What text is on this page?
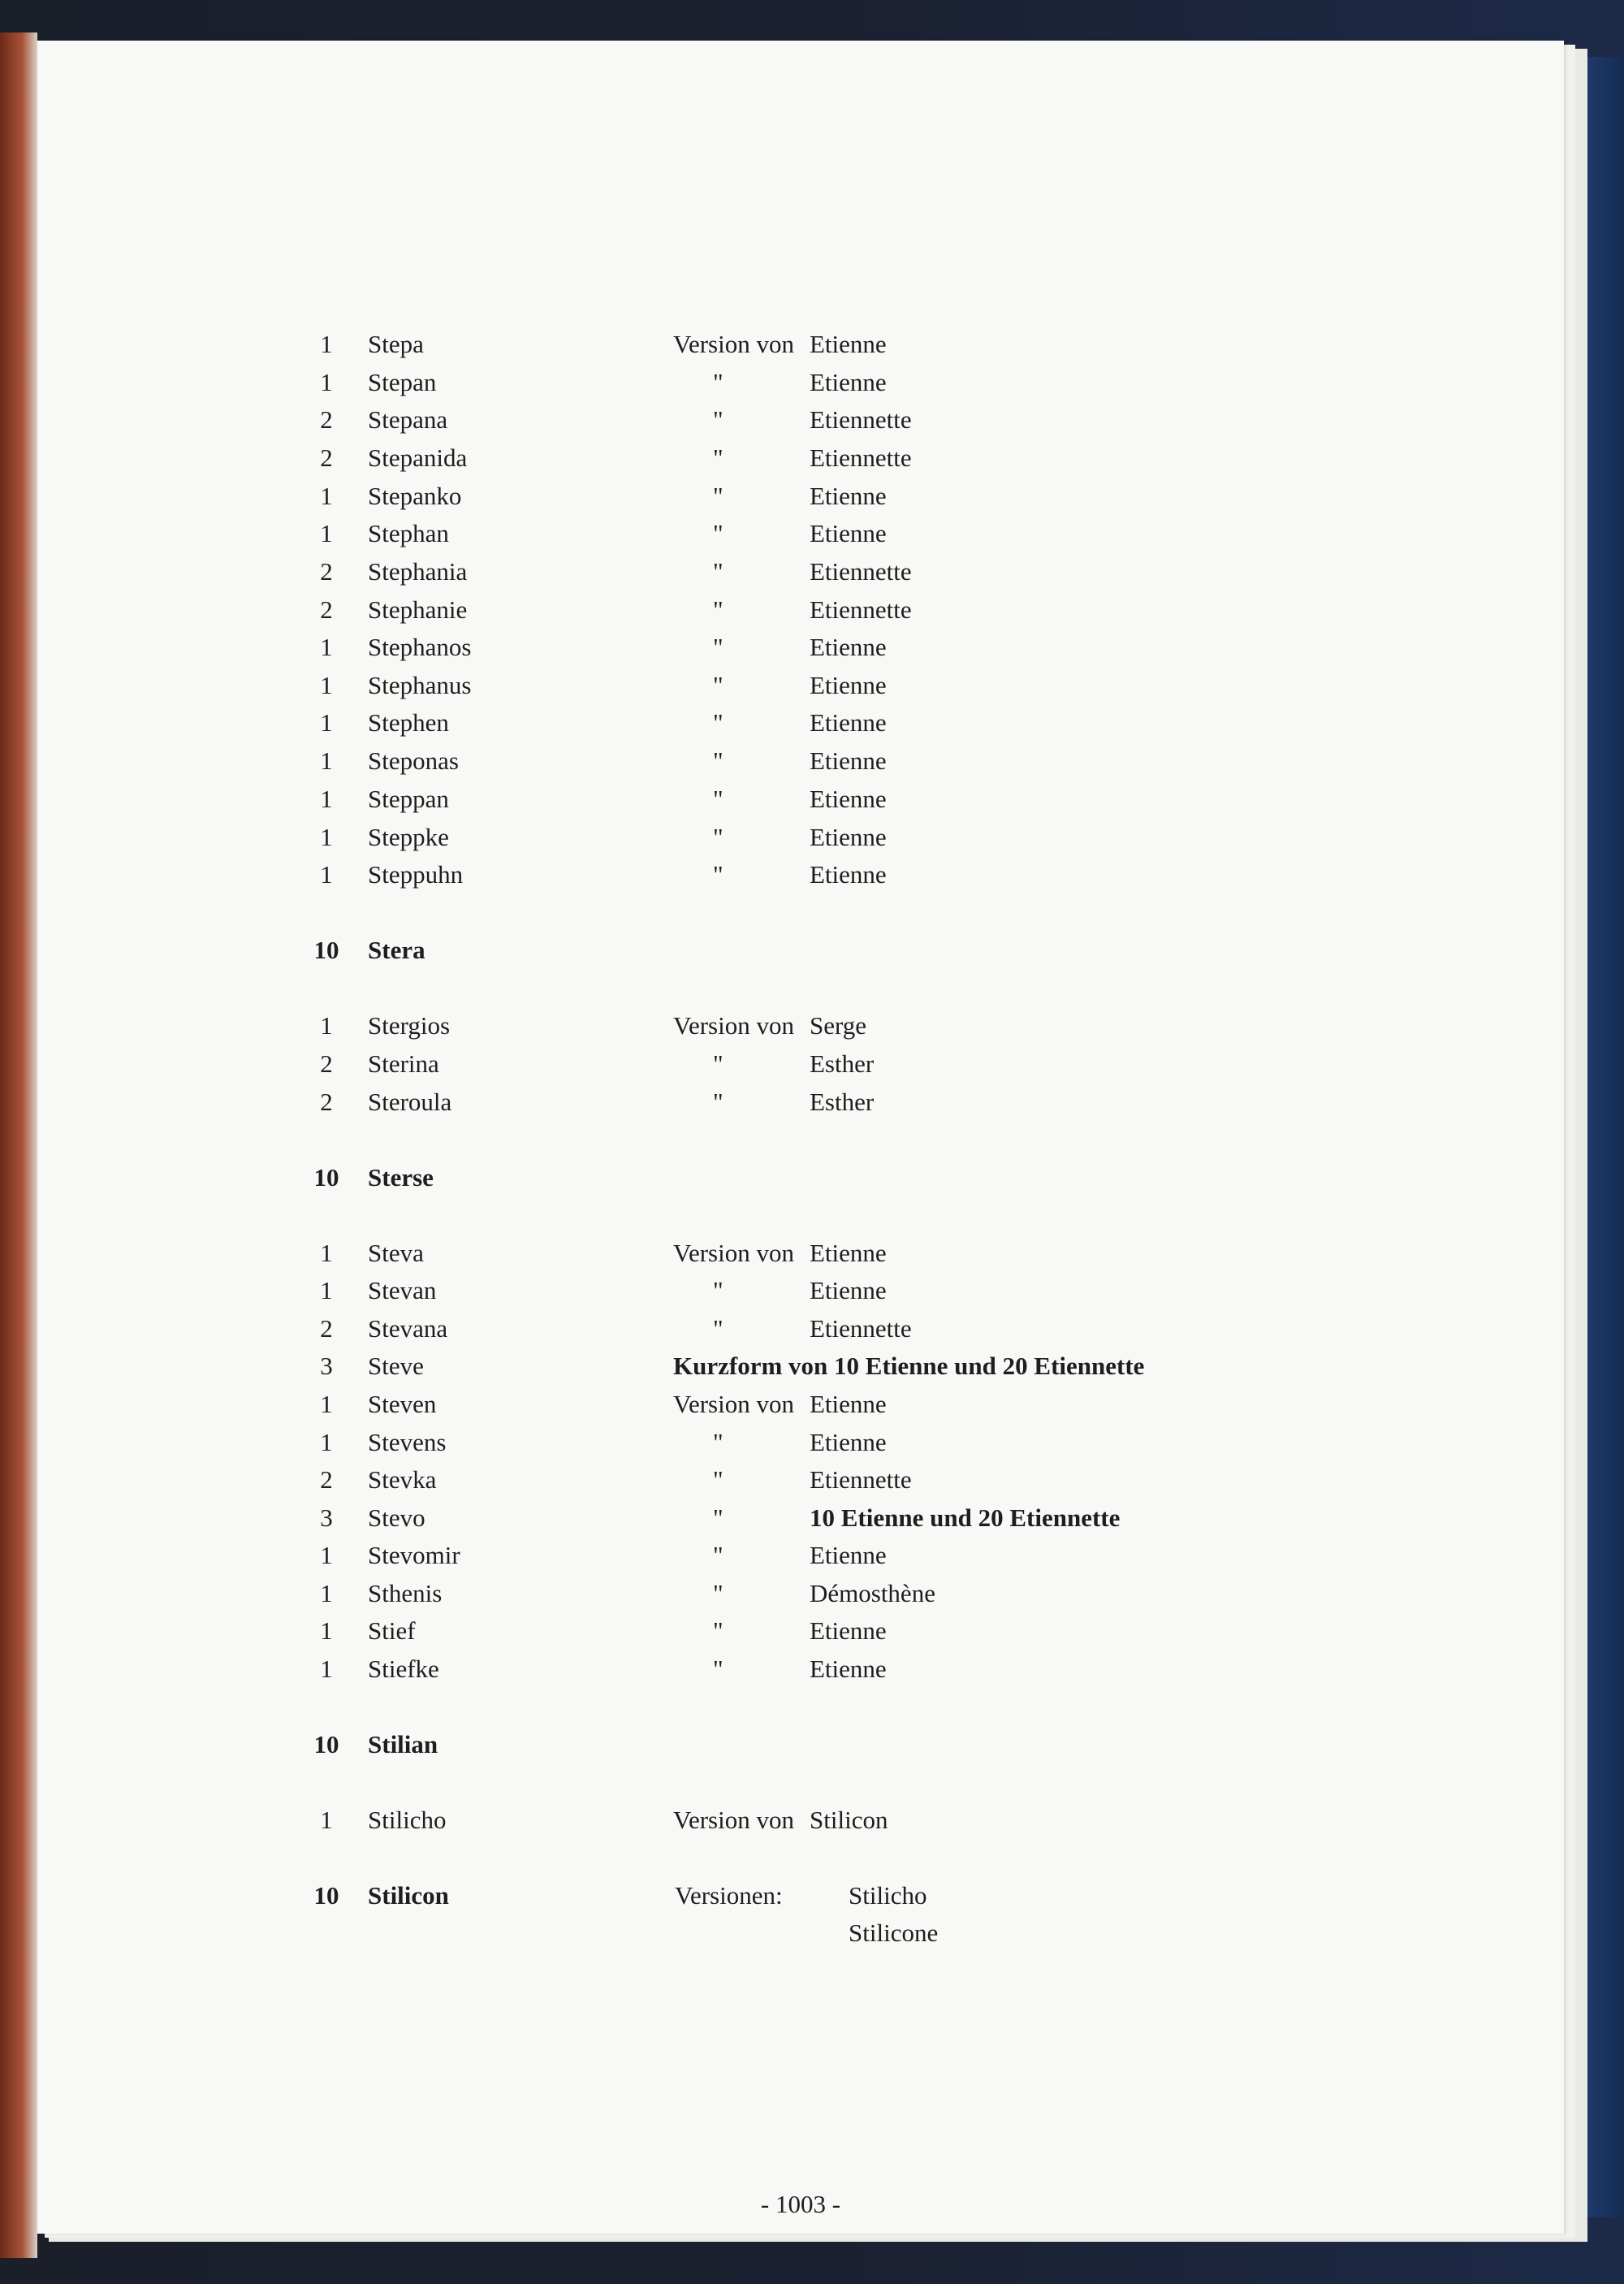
1	Stepa	Version von Etienne
1	Stepan	"	Etienne
2	Stepana	"	Etiennette
2	Stepanida	"	Etiennette
1	Stepanko	"	Etienne
1	Stephan	"	Etienne
2	Stephania	"	Etiennette
2	Stephanie	"	Etiennette
1	Stephanos	"	Etienne
1	Stephanus	"	Etienne
1	Stephen	"	Etienne
1	Steponas	"	Etienne
1	Steppan	"	Etienne
1	Steppke	"	Etienne
1	Steppuhn	"	Etienne
10	Stera
1	Stergios	Version von Serge
2	Sterina	"	Esther
2	Steroula	"	Esther
10	Sterse
1	Steva	Version von Etienne
1	Stevan	"	Etienne
2	Stevana	"	Etiennette
3	Steve	Kurzform von 10 Etienne und 20 Etiennette
1	Steven	Version von Etienne
1	Stevens	"	Etienne
2	Stevka	"	Etiennette
3	Stevo	"	10 Etienne und 20 Etiennette
1	Stevomir	"	Etienne
1	Sthenis	"	Démosthène
1	Stief	"	Etienne
1	Stiefke	"	Etienne
10	Stilian
1	Stilicho	Version von Stilicon
10	Stilicon	Versionen:	Stilicho
Stilicone
- 1003 -
